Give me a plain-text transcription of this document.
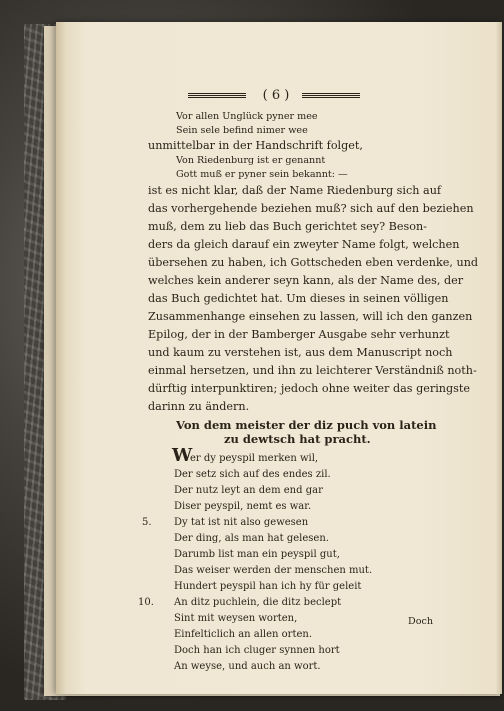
( 6 )
Vor allen Unglück pyner mee
Sein sele befind nimer wee
unmittelbar in der Handschrift folget,
Von Riedenburg ist er genannt
Gott muß er pyner sein bekannt: —
ist es nicht klar, daß der Name Riedenburg sich auf
das vorhergehende beziehen muß? sich auf den beziehen
muß, dem zu lieb das Buch gerichtet sey? Beson-
ders da gleich darauf ein zweyter Name folgt, welchen
übersehen zu haben, ich Gottscheden eben verdenke, und
welches kein anderer seyn kann, als der Name des, der
das Buch gedichtet hat. Um dieses in seinen völligen
Zusammenhange einsehen zu lassen, will ich den ganzen
Epilog, der in der Bamberger Ausgabe sehr verhunzt
und kaum zu verstehen ist, aus dem Manuscript noch
einmal hersetzen, und ihn zu leichterer Verständniß noth-
dürftig interpunktiren; jedoch ohne weiter das geringste
darinn zu ändern.
Von dem meister der diz puch von latein
zu dewtsch hat pracht.
W
er dy peyspil merken wil,
Der setz sich auf des endes zil.
Der nutz leyt an dem end gar
Diser peyspil, nemt es war.
5. Dy tat ist nit also gewesen
Der ding, als man hat gelesen.
Darumb list man ein peyspil gut,
Das weiser werden der menschen mut.
Hundert peyspil han ich hy für geleit
10. An ditz puchlein, die ditz beclept
Sint mit weysen worten,
Einfelticlich an allen orten.
Doch han ich cluger synnen hort
An weyse, und auch an wort.
Doch
